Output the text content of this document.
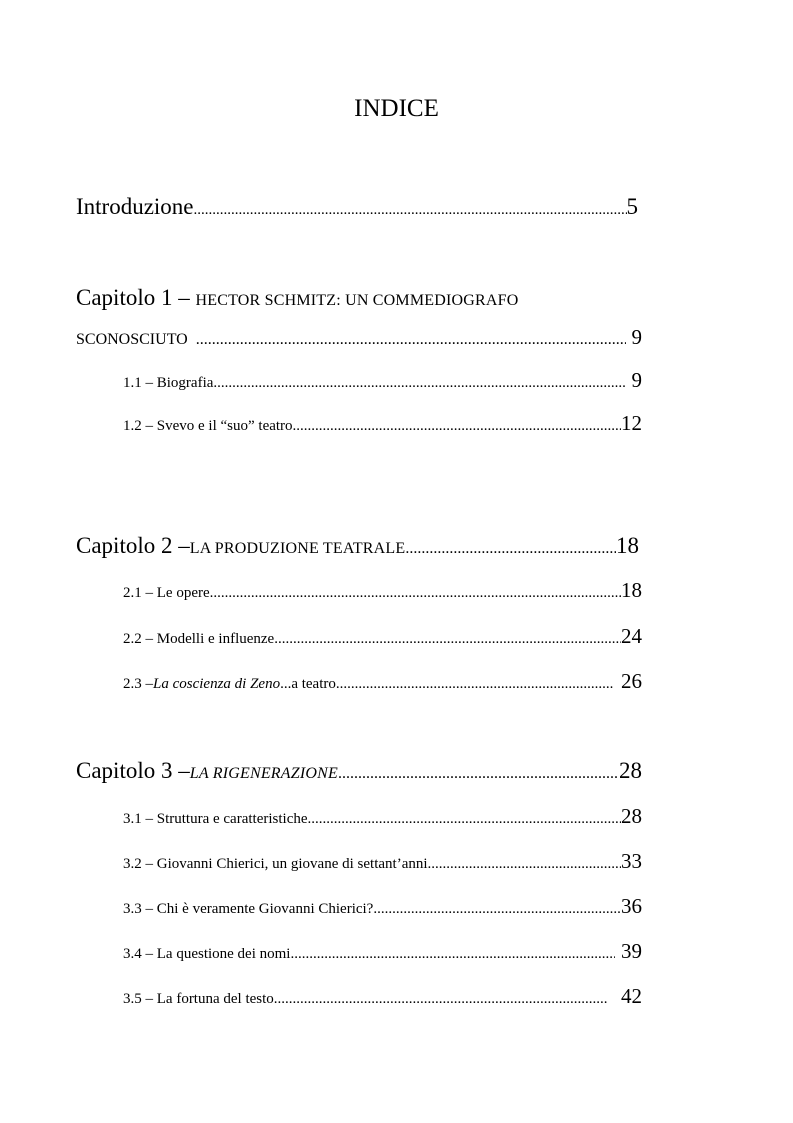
INDICE
Introduzione .....	5
Capitolo 1 – HECTOR SCHMITZ: UN COMMEDIOGRAFO
SCONOSCIUTO .....	9
1.1 – Biografia .....	9
1.2 – Svevo e il “suo” teatro .....	12
Capitolo 2 – LA PRODUZIONE TEATRALE .....	18
2.1 – Le opere .....	18
2.2 – Modelli e influenze .....	24
2.3 – La coscienza di Zeno ...a teatro .....	26
Capitolo 3 – LA RIGENERAZIONE .....	28
3.1 – Struttura e caratteristiche .....	28
3.2 – Giovanni Chierici, un giovane di settant’anni .....	33
3.3 – Chi è veramente Giovanni Chierici? .....	36
3.4 – La questione dei nomi .....	39
3.5 – La fortuna del testo .....	42
